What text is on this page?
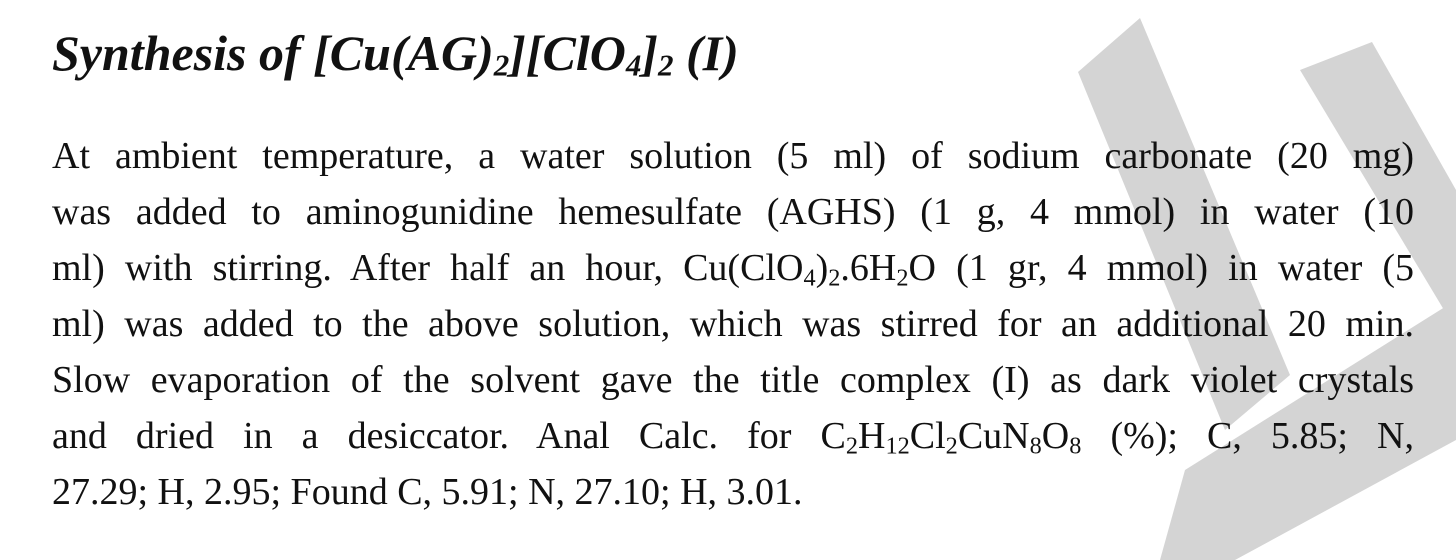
Synthesis of $[Cu(AG)_2][ClO_4]_2$ (I)

At ambient temperature, a water solution (5 ml) of sodium carbonate (20 mg)
was added to aminogunidine hemesulfate (AGHS) (1 g, 4 mmol) in water (10
ml) with stirring. After half an hour, $Cu(ClO_4)_2.6H_2O$ (1 gr, 4 mmol) in water (5
ml) was added to the above solution, which was stirred for an additional 20 min.
Slow evaporation of the solvent gave the title complex (I) as dark violet crystals
and dried in a desiccator. Anal Calc. for $C_2H_{12}Cl_2CuN_8O_8$ (%); C, 5.85; N,
27.29; H, 2.95; Found C, 5.91; N, 27.10; H, 3.01.
